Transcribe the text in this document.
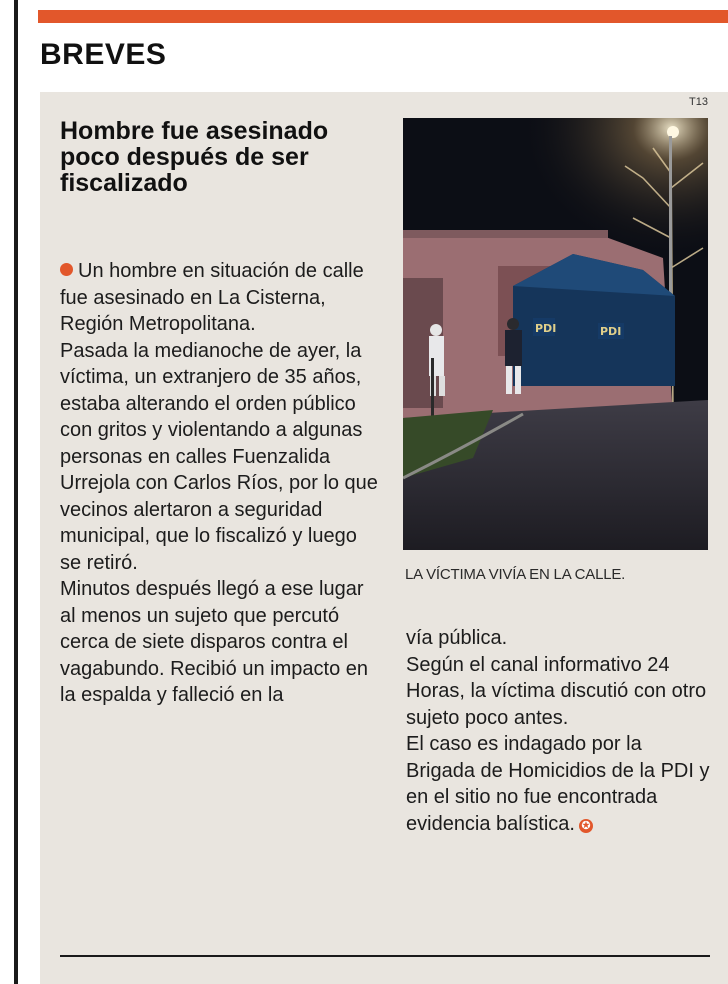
BREVES
T13
Hombre fue asesinado poco después de ser fiscalizado

Un hombre en situación de calle fue asesinado en La Cisterna, Región Metropolitana.

Pasada la medianoche de ayer, la víctima, un extranjero de 35 años, estaba alterando el orden público con gritos y violentando a algunas personas en calles Fuenzalida Urrejola con Carlos Ríos, por lo que vecinos alertaron a seguridad municipal, que lo fiscalizó y luego se retiró.

Minutos después llegó a ese lugar al menos un sujeto que percutó cerca de siete disparos contra el vagabundo. Recibió un impacto en la espalda y falleció en la

PDI	PDI
LA VÍCTIMA VIVÍA EN LA CALLE.

vía pública.

Según el canal informativo 24 Horas, la víctima discutió con otro sujeto poco antes.

El caso es indagado por la Brigada de Homicidios de la PDI y en el sitio no fue encontrada evidencia balística. ✪
